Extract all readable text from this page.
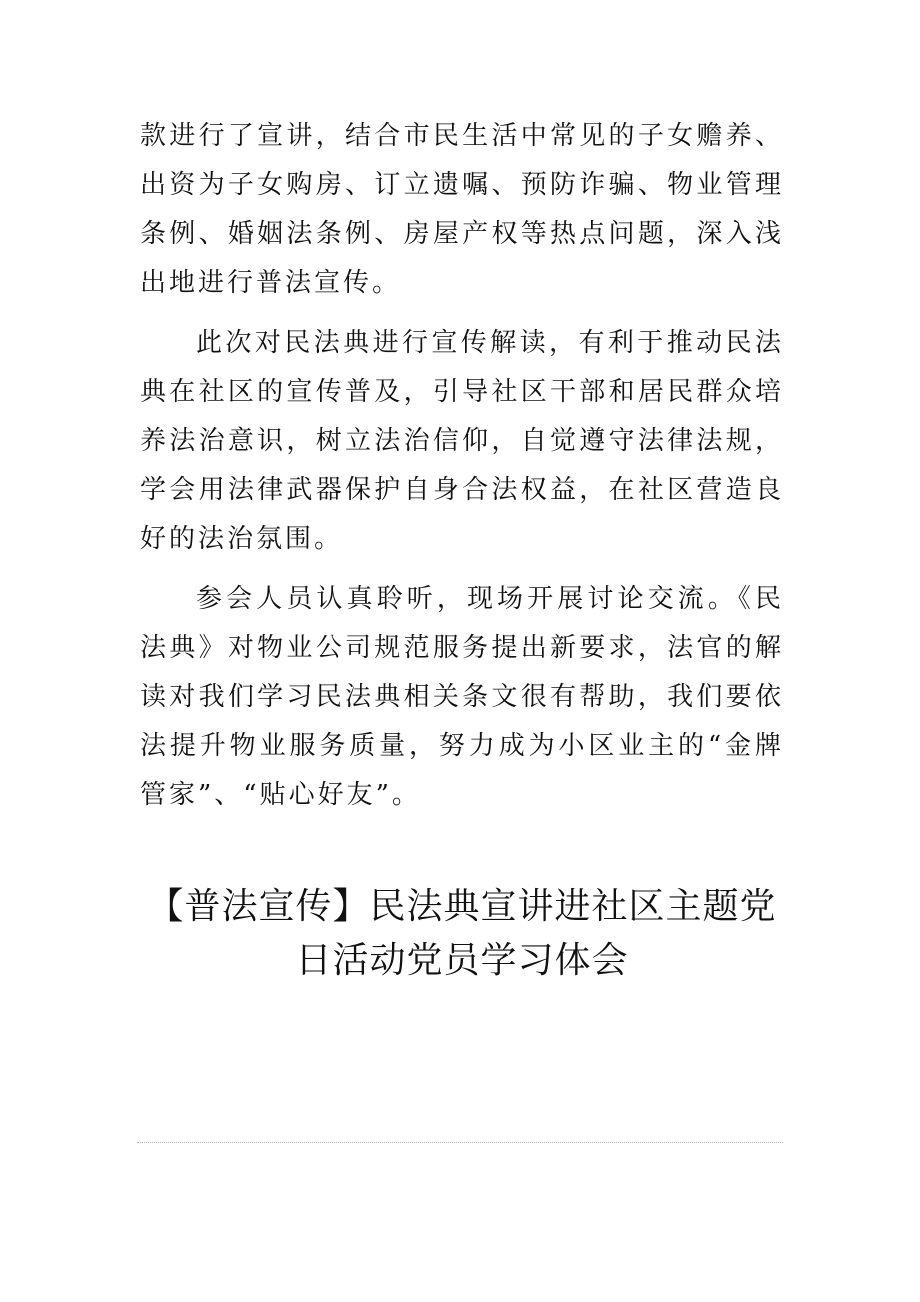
款进行了宣讲，结合市民生活中常见的子女赡养、出资为子女购房、订立遗嘱、预防诈骗、物业管理条例、婚姻法条例、房屋产权等热点问题，深入浅出地进行普法宣传。

此次对民法典进行宣传解读，有利于推动民法典在社区的宣传普及，引导社区干部和居民群众培养法治意识，树立法治信仰，自觉遵守法律法规，学会用法律武器保护自身合法权益，在社区营造良好的法治氛围。

参会人员认真聆听，现场开展讨论交流。《民法典》对物业公司规范服务提出新要求，法官的解读对我们学习民法典相关条文很有帮助，我们要依法提升物业服务质量，努力成为小区业主的“金牌管家”、“贴心好友”。

【普法宣传】民法典宣讲进社区主题党
日活动党员学习体会
